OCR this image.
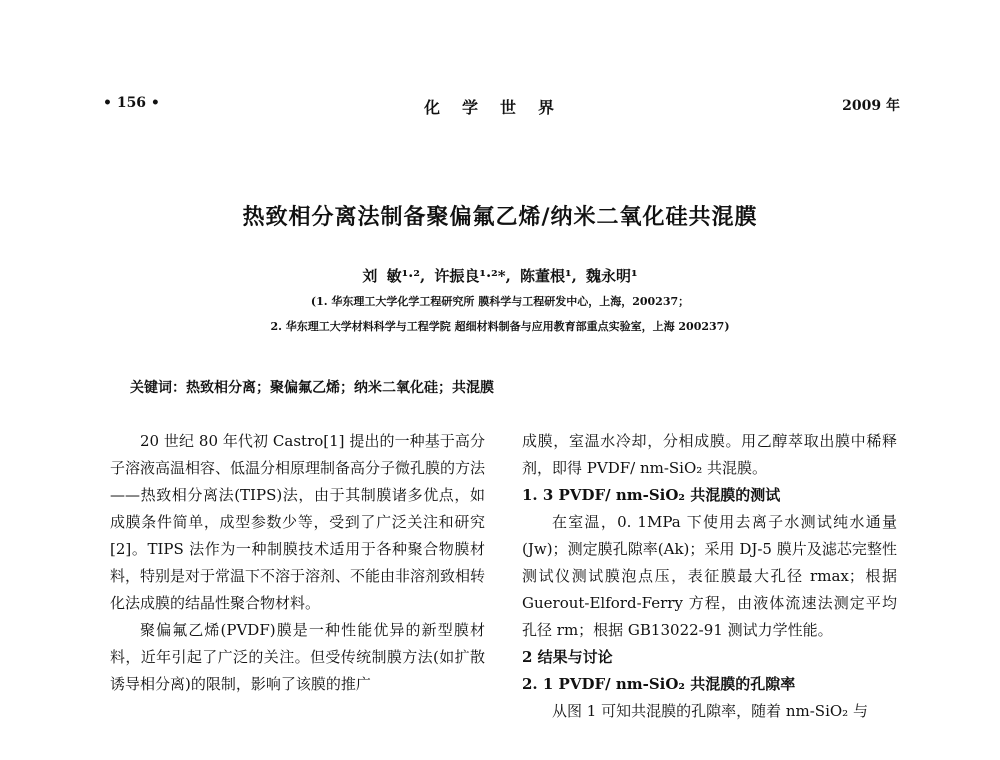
• 156 •	化学世界	2009 年
热致相分离法制备聚偏氟乙烯/纳米二氧化硅共混膜
刘 敏¹·², 许振良¹·²*, 陈董根¹, 魏永明¹
(1. 华东理工大学化学工程研究所 膜科学与工程研发中心，上海，200237；
2. 华东理工大学材料科学与工程学院 超细材料制备与应用教育部重点实验室，上海 200237)
关键词：热致相分离；聚偏氟乙烯；纳米二氧化硅；共混膜

20 世纪 80 年代初 Castro[1] 提出的一种基于高分子溶液高温相容、低温分相原理制备高分子微孔膜的方法——热致相分离法(TIPS)法，由于其制膜诸多优点，如成膜条件简单，成型参数少等，受到了广泛关注和研究[2]。TIPS 法作为一种制膜技术适用于各种聚合物膜材料，特别是对于常温下不溶于溶剂、不能由非溶剂致相转化法成膜的结晶性聚合物材料。

聚偏氟乙烯(PVDF)膜是一种性能优异的新型膜材料，近年引起了广泛的关注。但受传统制膜方法(如扩散诱导相分离)的限制，影响了该膜的推广

成膜，室温水冷却，分相成膜。用乙醇萃取出膜中稀释剂，即得 PVDF/ nm-SiO₂ 共混膜。

1. 3 PVDF/ nm-SiO₂ 共混膜的测试

在室温，0. 1MPa 下使用去离子水测试纯水通量(Jw)；测定膜孔隙率(Ak)；采用 DJ-5 膜片及滤芯完整性测试仪测试膜泡点压，表征膜最大孔径 rmax；根据 Guerout-Elford-Ferry 方程，由液体流速法测定平均孔径 rm；根据 GB13022-91 测试力学性能。

2 结果与讨论

2. 1 PVDF/ nm-SiO₂ 共混膜的孔隙率

从图 1 可知共混膜的孔隙率，随着 nm-SiO₂ 与
